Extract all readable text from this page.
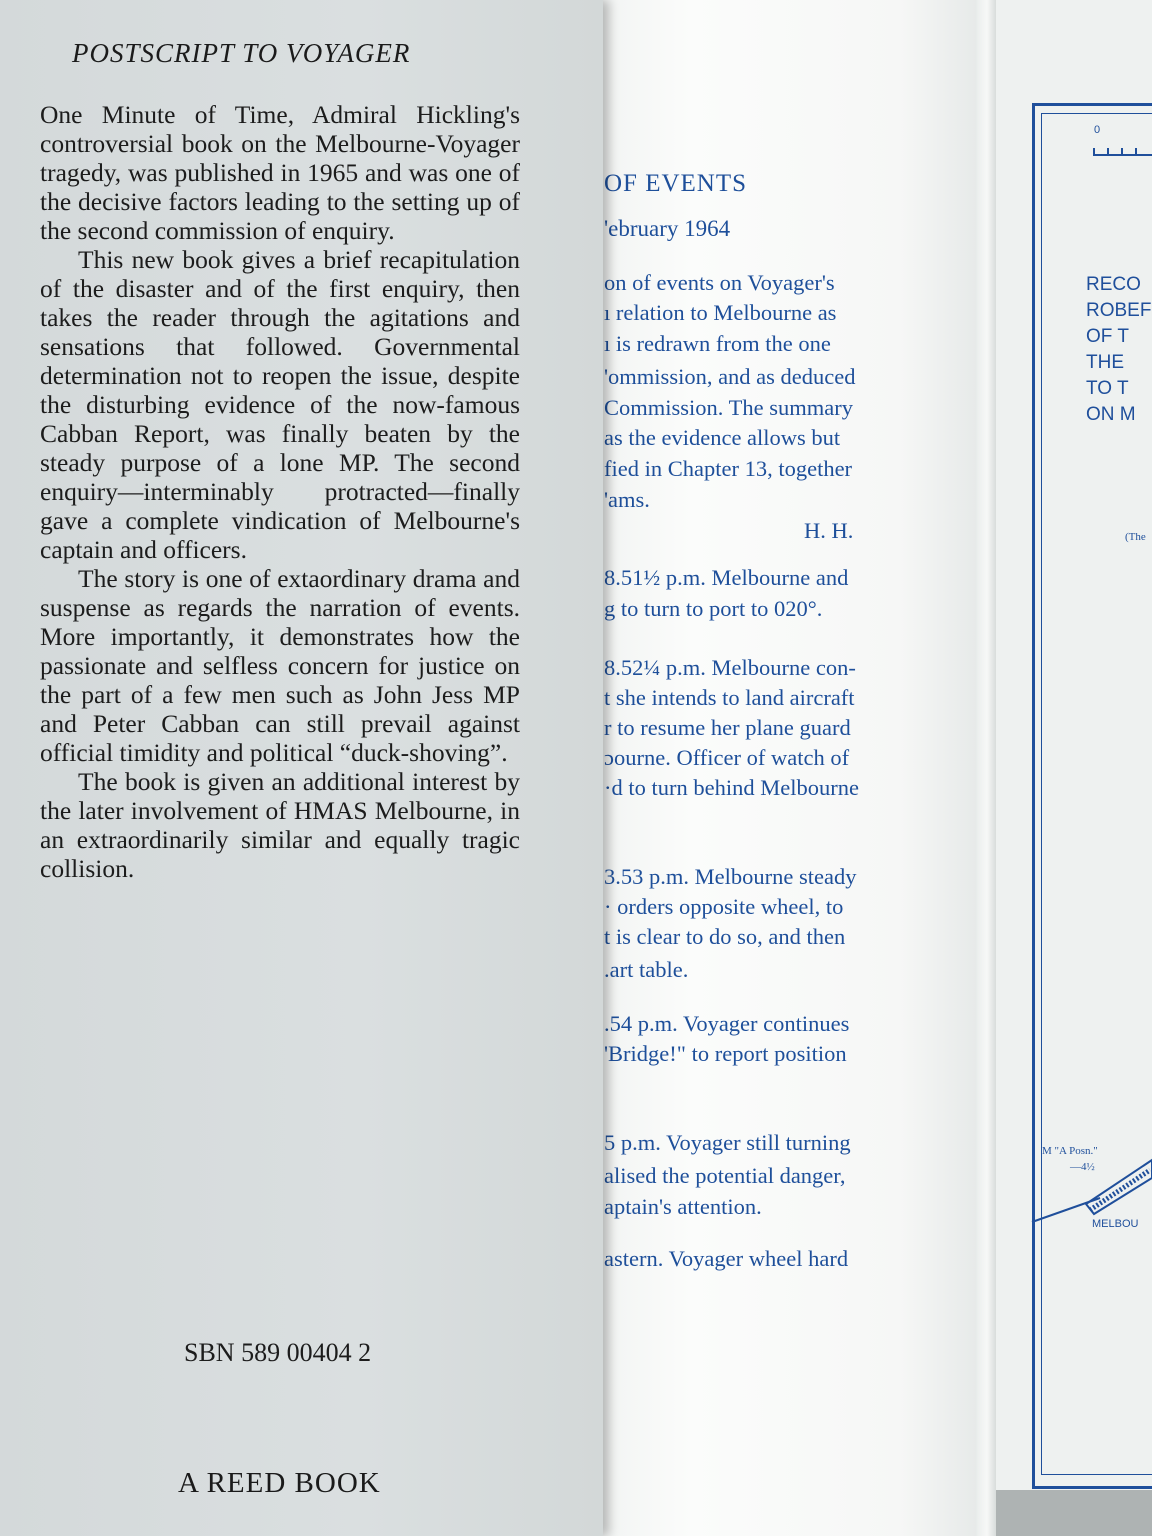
0
RECO
ROBEF
OF T
THE
TO T
ON M
(The
M "A Posn."
—4½
MELBOU
OF EVENTS
'ebruary 1964
on of events on Voyager's
ı relation to Melbourne as
ı is redrawn from the one
'ommission, and as deduced
Commission. The summary
as the evidence allows but
fied in Chapter 13, together
'ams.
H. H.
8.51½ p.m. Melbourne and
g to turn to port to 020°.
8.52¼ p.m. Melbourne con-
t she intends to land aircraft
r to resume her plane guard
ɔourne. Officer of watch of
·d to turn behind Melbourne
3.53 p.m. Melbourne steady
· orders opposite wheel, to
t is clear to do so, and then
.art table.
.54 p.m. Voyager continues
'Bridge!" to report position
5 p.m. Voyager still turning
alised the potential danger,
aptain's attention.
astern. Voyager wheel hard
POSTSCRIPT TO VOYAGER

One Minute of Time, Admiral Hickling's controversial book on the Melbourne-Voyager tragedy, was published in 1965 and was one of the decisive factors leading to the setting up of the second commission of enquiry.

This new book gives a brief recapitulation of the disaster and of the first enquiry, then takes the reader through the agitations and sensations that followed. Governmental determination not to reopen the issue, despite the disturbing evidence of the now-famous Cabban Report, was finally beaten by the steady purpose of a lone MP. The second enquiry—interminably protracted—finally gave a complete vindication of Melbourne's captain and officers.

The story is one of extaordinary drama and suspense as regards the narration of events. More importantly, it demonstrates how the passionate and selfless concern for justice on the part of a few men such as John Jess MP and Peter Cabban can still prevail against official timidity and political “duck-shoving”.

The book is given an additional interest by the later involvement of HMAS Melbourne, in an extraordinarily similar and equally tragic collision.

SBN 589 00404 2
A REED BOOK
